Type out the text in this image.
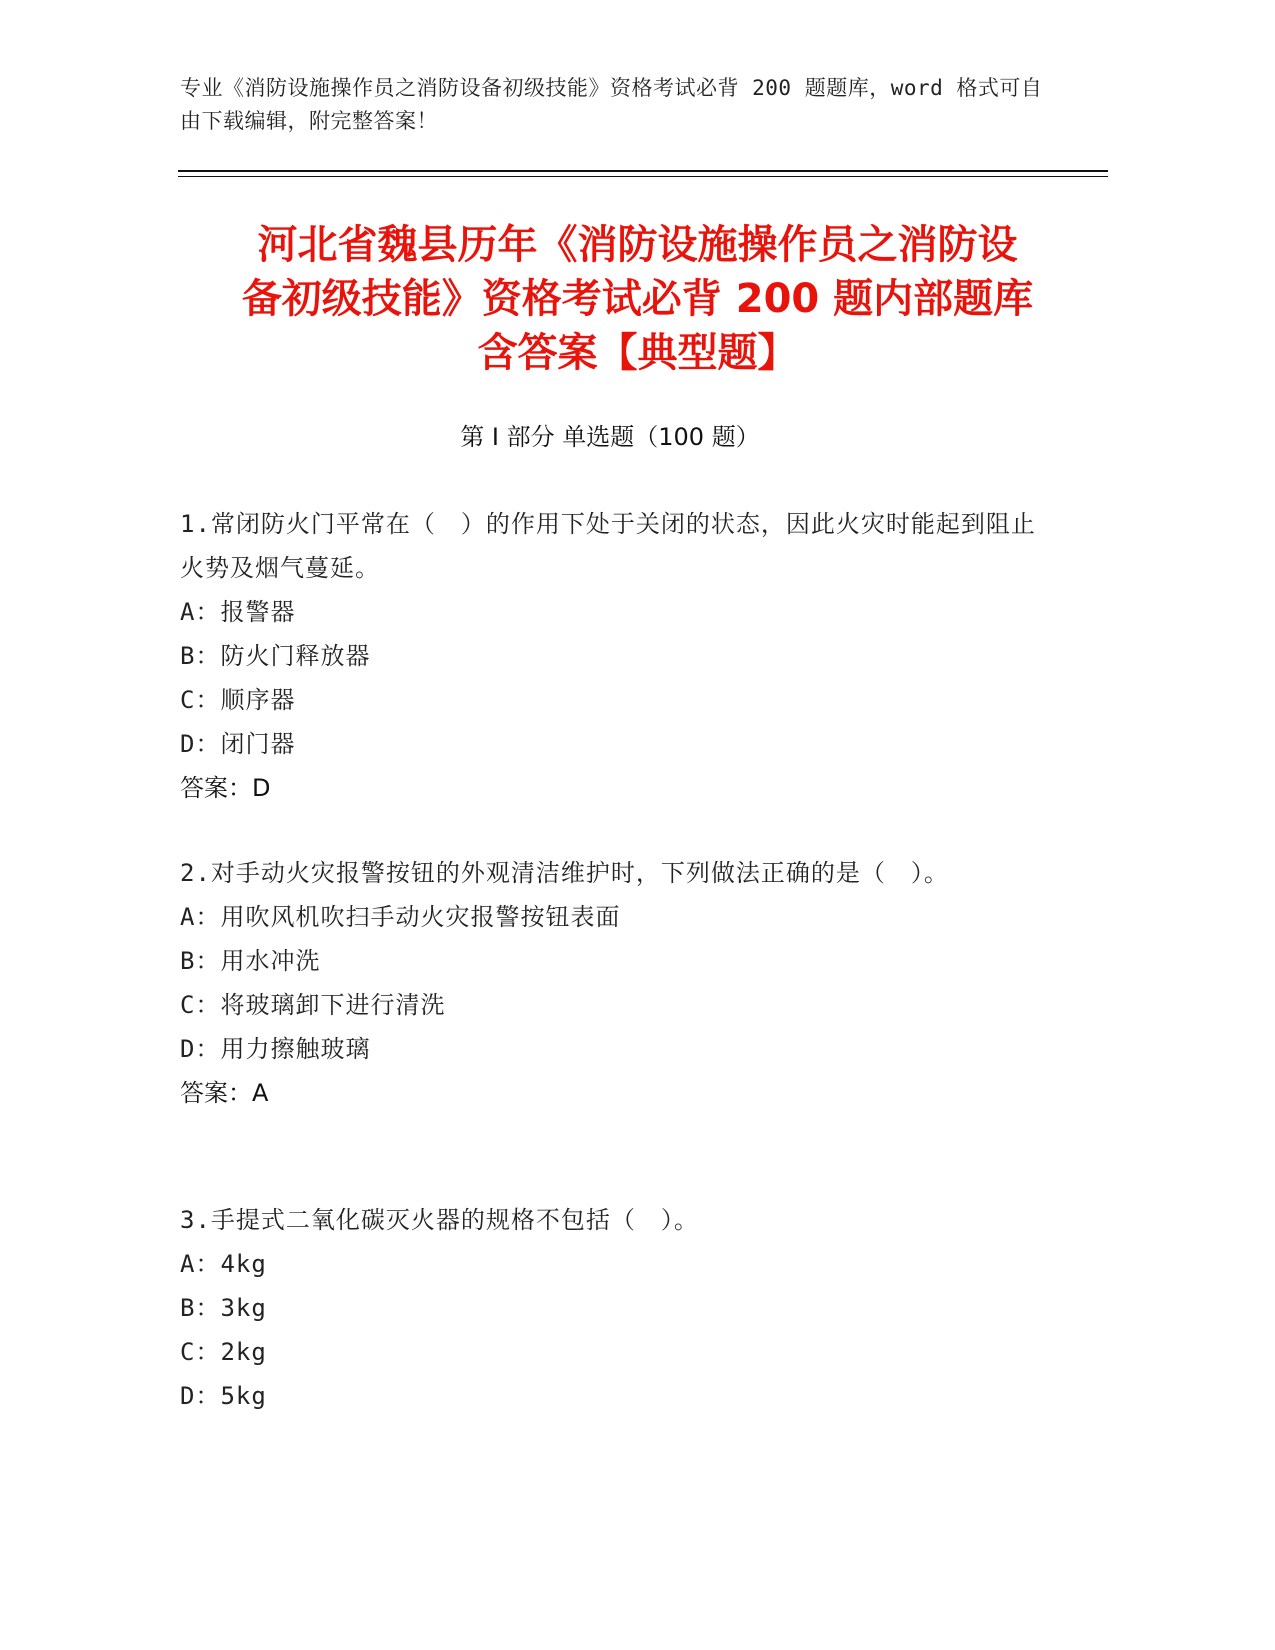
专业《消防设施操作员之消防设备初级技能》资格考试必背 200 题题库，word 格式可自由下载编辑，附完整答案！
河北省魏县历年《消防设施操作员之消防设
备初级技能》资格考试必背 200 题内部题库
含答案【典型题】
第 I 部分 单选题（100 题）
1.常闭防火门平常在（　）的作用下处于关闭的状态，因此火灾时能起到阻止火势及烟气蔓延。
A：报警器
B：防火门释放器
C：顺序器
D：闭门器
答案：D
2.对手动火灾报警按钮的外观清洁维护时，下列做法正确的是（　）。
A：用吹风机吹扫手动火灾报警按钮表面
B：用水冲洗
C：将玻璃卸下进行清洗
D：用力擦触玻璃
答案：A
3.手提式二氧化碳灭火器的规格不包括（　）。
A：4kg
B：3kg
C：2kg
D：5kg
